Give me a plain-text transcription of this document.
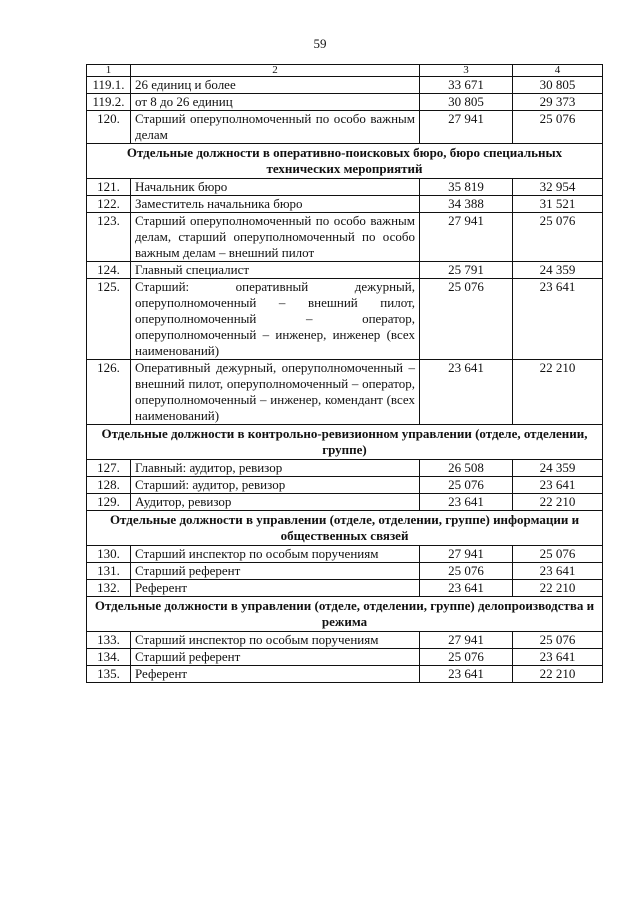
59
1	2	3	4
119.1.	26 единиц и более	33 671	30 805
119.2.	от 8 до 26 единиц	30 805	29 373
120.	Старший оперуполномоченный по особо важным делам	27 941	25 076
Отдельные должности в оперативно-поисковых бюро, бюро специальных технических мероприятий			
121.	Начальник бюро	35 819	32 954
122.	Заместитель начальника бюро	34 388	31 521
123.	Старший оперуполномоченный по особо важным делам, старший оперуполномоченный по особо важным делам – внешний пилот	27 941	25 076
124.	Главный специалист	25 791	24 359
125.	Старший: оперативный дежурный, оперуполномоченный – внешний пилот, оперуполномоченный – оператор, оперуполномоченный – инженер, инженер (всех наименований)	25 076	23 641
126.	Оперативный дежурный, оперуполномоченный – внешний пилот, оперуполномоченный – оператор, оперуполномоченный – инженер, комендант (всех наименований)	23 641	22 210
Отдельные должности в контрольно-ревизионном управлении (отделе, отделении, группе)			
127.	Главный: аудитор, ревизор	26 508	24 359
128.	Старший: аудитор, ревизор	25 076	23 641
129.	Аудитор, ревизор	23 641	22 210
Отдельные должности в управлении (отделе, отделении, группе) информации и общественных связей			
130.	Старший инспектор по особым поручениям	27 941	25 076
131.	Старший референт	25 076	23 641
132.	Референт	23 641	22 210
Отдельные должности в управлении (отделе, отделении, группе) делопроизводства и режима			
133.	Старший инспектор по особым поручениям	27 941	25 076
134.	Старший референт	25 076	23 641
135.	Референт	23 641	22 210
